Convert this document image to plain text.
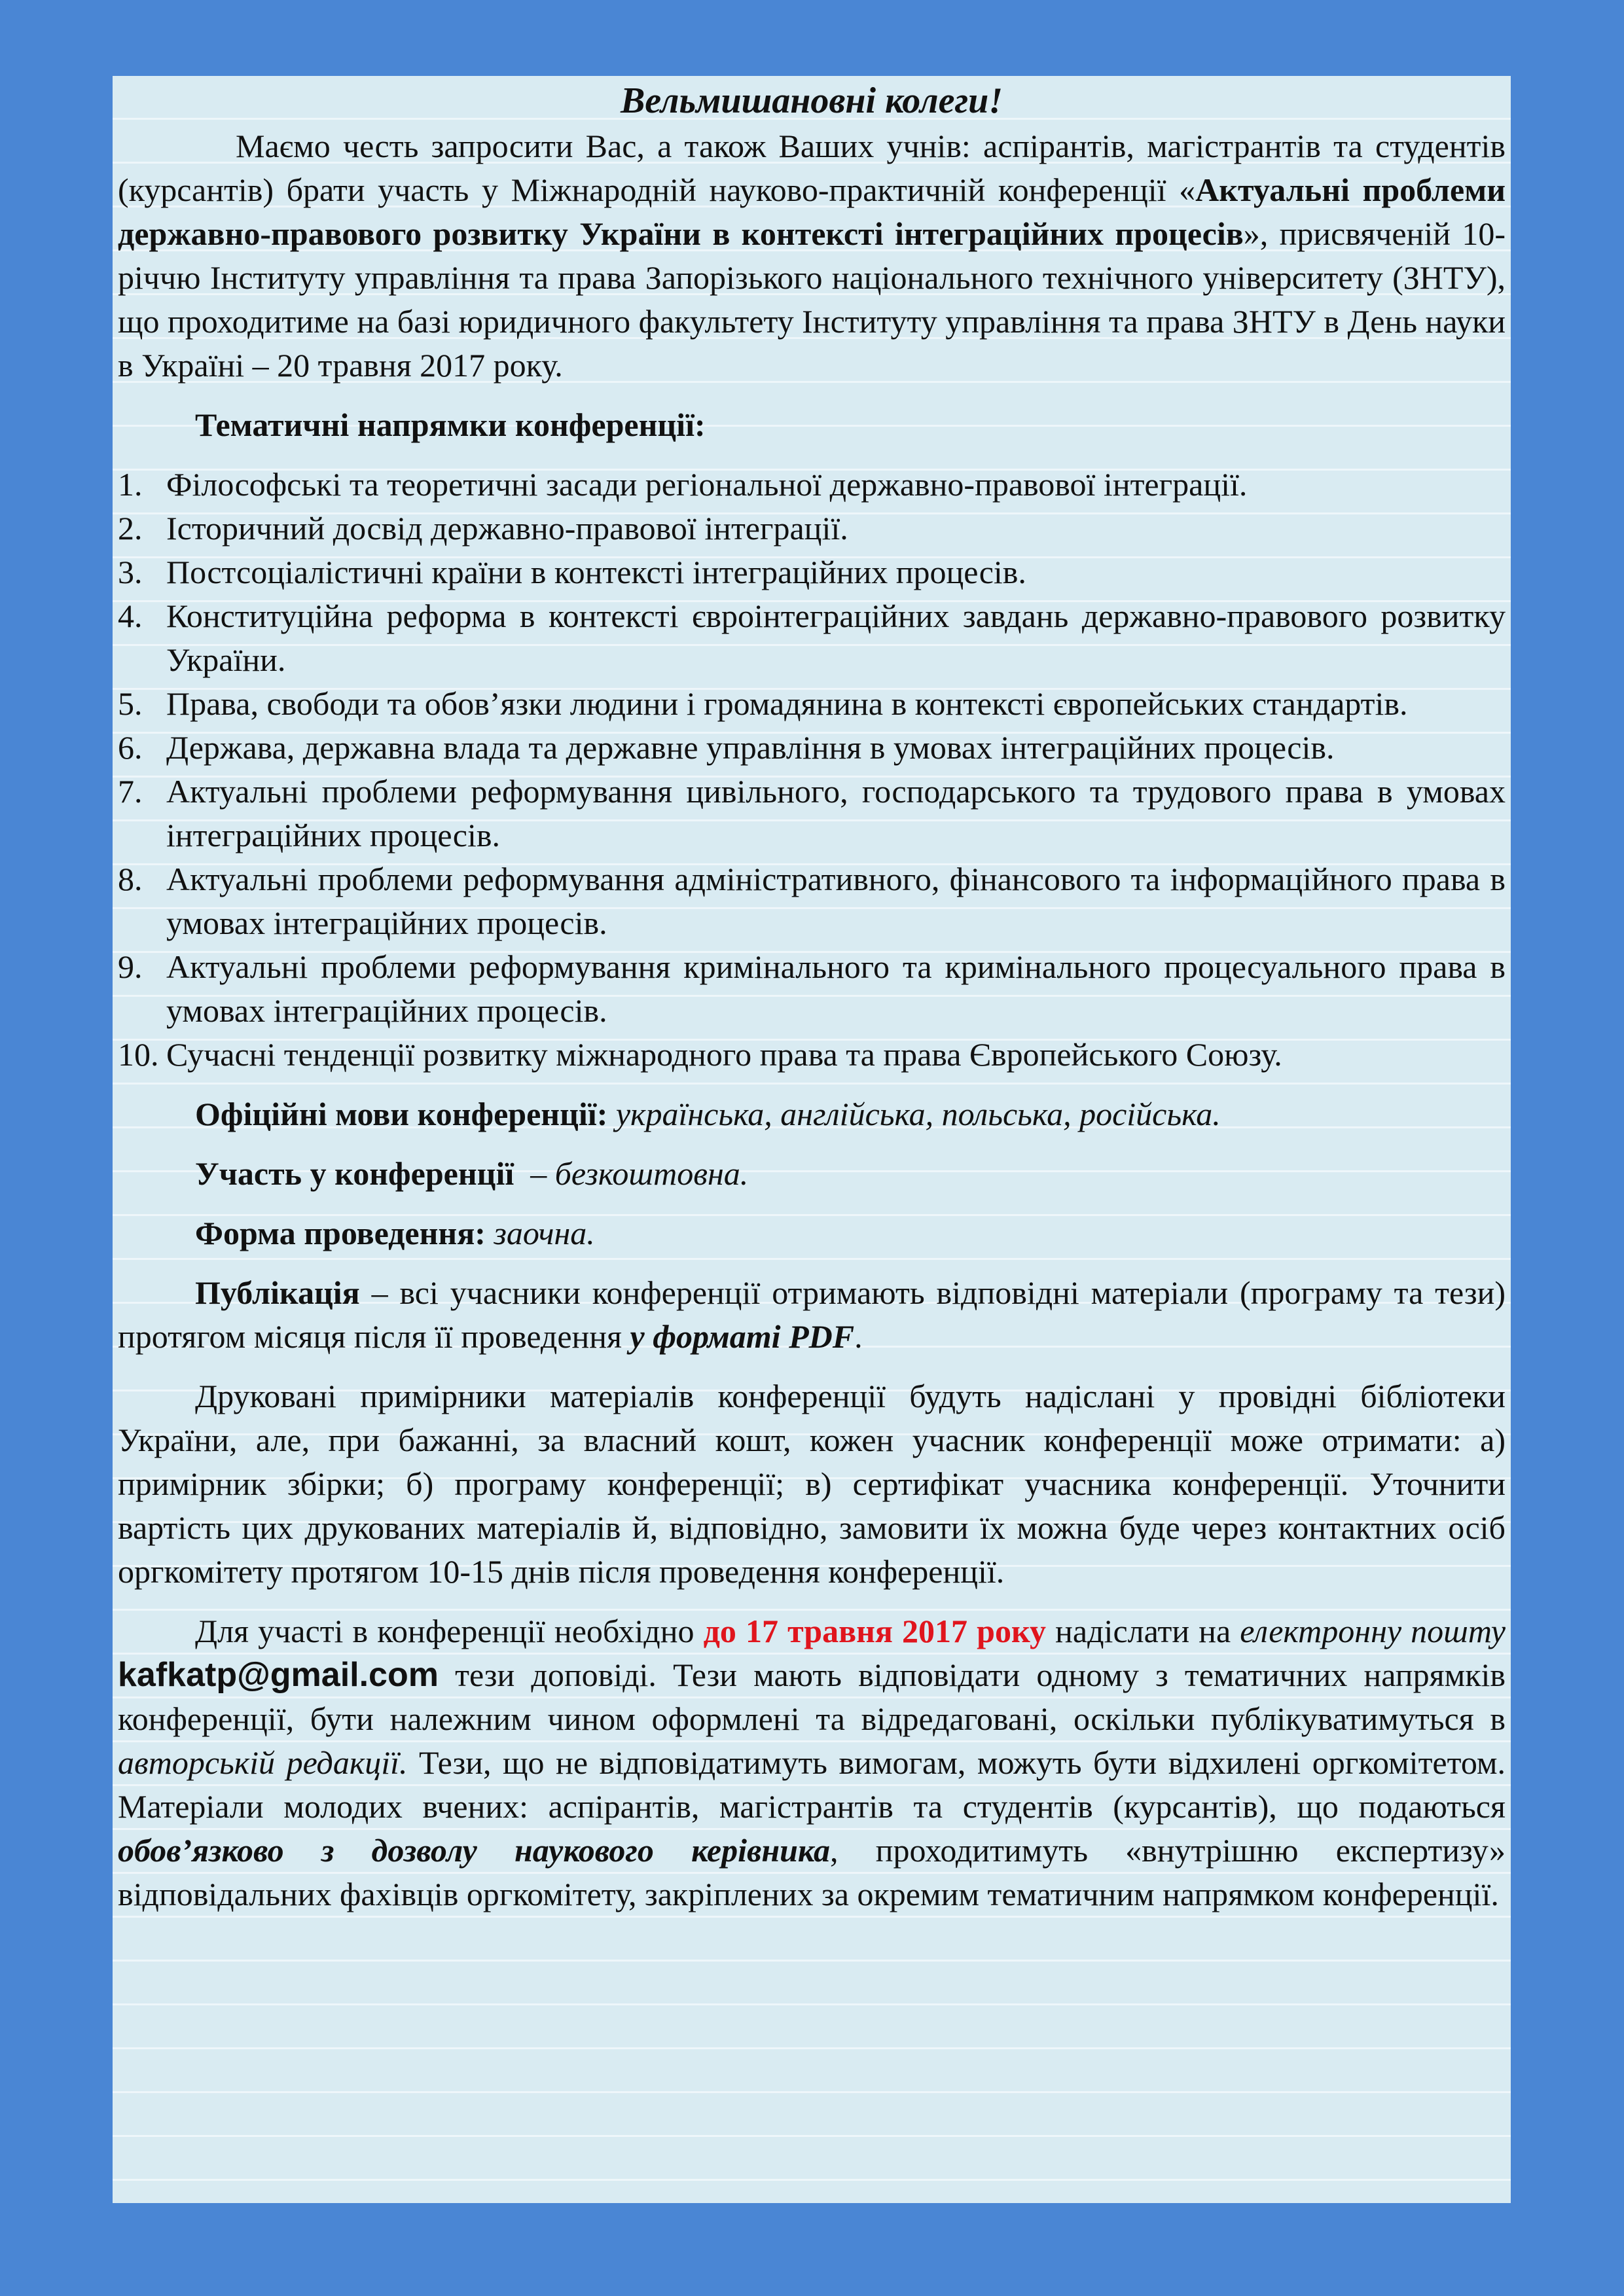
Вельмишановні колеги!

Маємо честь запросити Вас, а також Ваших учнів: аспірантів, магістрантів та студентів (курсантів) брати участь у Міжнародній науково-практичній конференції «Актуальні проблеми державно-правового розвитку України в контексті інтеграційних процесів», присвяченій 10-річчю Інституту управління та права Запорізького національного технічного університету (ЗНТУ), що проходитиме на базі юридичного факультету Інституту управління та права ЗНТУ в День науки в Україні – 20 травня 2017 року.

Тематичні напрямки конференції:
1. Філософські та теоретичні засади регіональної державно-правової інтеграції.
2. Історичний досвід державно-правової інтеграції.
3. Постсоціалістичні країни в контексті інтеграційних процесів.
4. Конституційна реформа в контексті євроінтеграційних завдань державно-правового розвитку України.
5. Права, свободи та обов’язки людини і громадянина в контексті європейських стандартів.
6. Держава, державна влада та державне управління в умовах інтеграційних процесів.
7. Актуальні проблеми реформування цивільного, господарського та трудового права в умовах інтеграційних процесів.
8. Актуальні проблеми реформування адміністративного, фінансового та інформаційного права в умовах інтеграційних процесів.
9. Актуальні проблеми реформування кримінального та кримінального процесуального права в умовах інтеграційних процесів.
10. Сучасні тенденції розвитку міжнародного права та права Європейського Союзу.

Офіційні мови конференції: українська, англійська, польська, російська.

Участь у конференції – безкоштовна.

Форма проведення: заочна.

Публікація – всі учасники конференції отримають відповідні матеріали (програму та тези) протягом місяця після її проведення у форматі PDF.

Друковані примірники матеріалів конференції будуть надіслані у провідні бібліотеки України, але, при бажанні, за власний кошт, кожен учасник конференції може отримати: а) примірник збірки; б) програму конференції; в) сертифікат учасника конференції. Уточнити вартість цих друкованих матеріалів й, відповідно, замовити їх можна буде через контактних осіб оргкомітету протягом 10-15 днів після проведення конференції.

Для участі в конференції необхідно до 17 травня 2017 року надіслати на електронну пошту kafkatp@gmail.com тези доповіді. Тези мають відповідати одному з тематичних напрямків конференції, бути належним чином оформлені та відредаговані, оскільки публікуватимуться в авторській редакції. Тези, що не відповідатимуть вимогам, можуть бути відхилені оргкомітетом. Матеріали молодих вчених: аспірантів, магістрантів та студентів (курсантів), що подаються обов’язково з дозволу наукового керівника, проходитимуть «внутрішню експертизу» відповідальних фахівців оргкомітету, закріплених за окремим тематичним напрямком конференції.
